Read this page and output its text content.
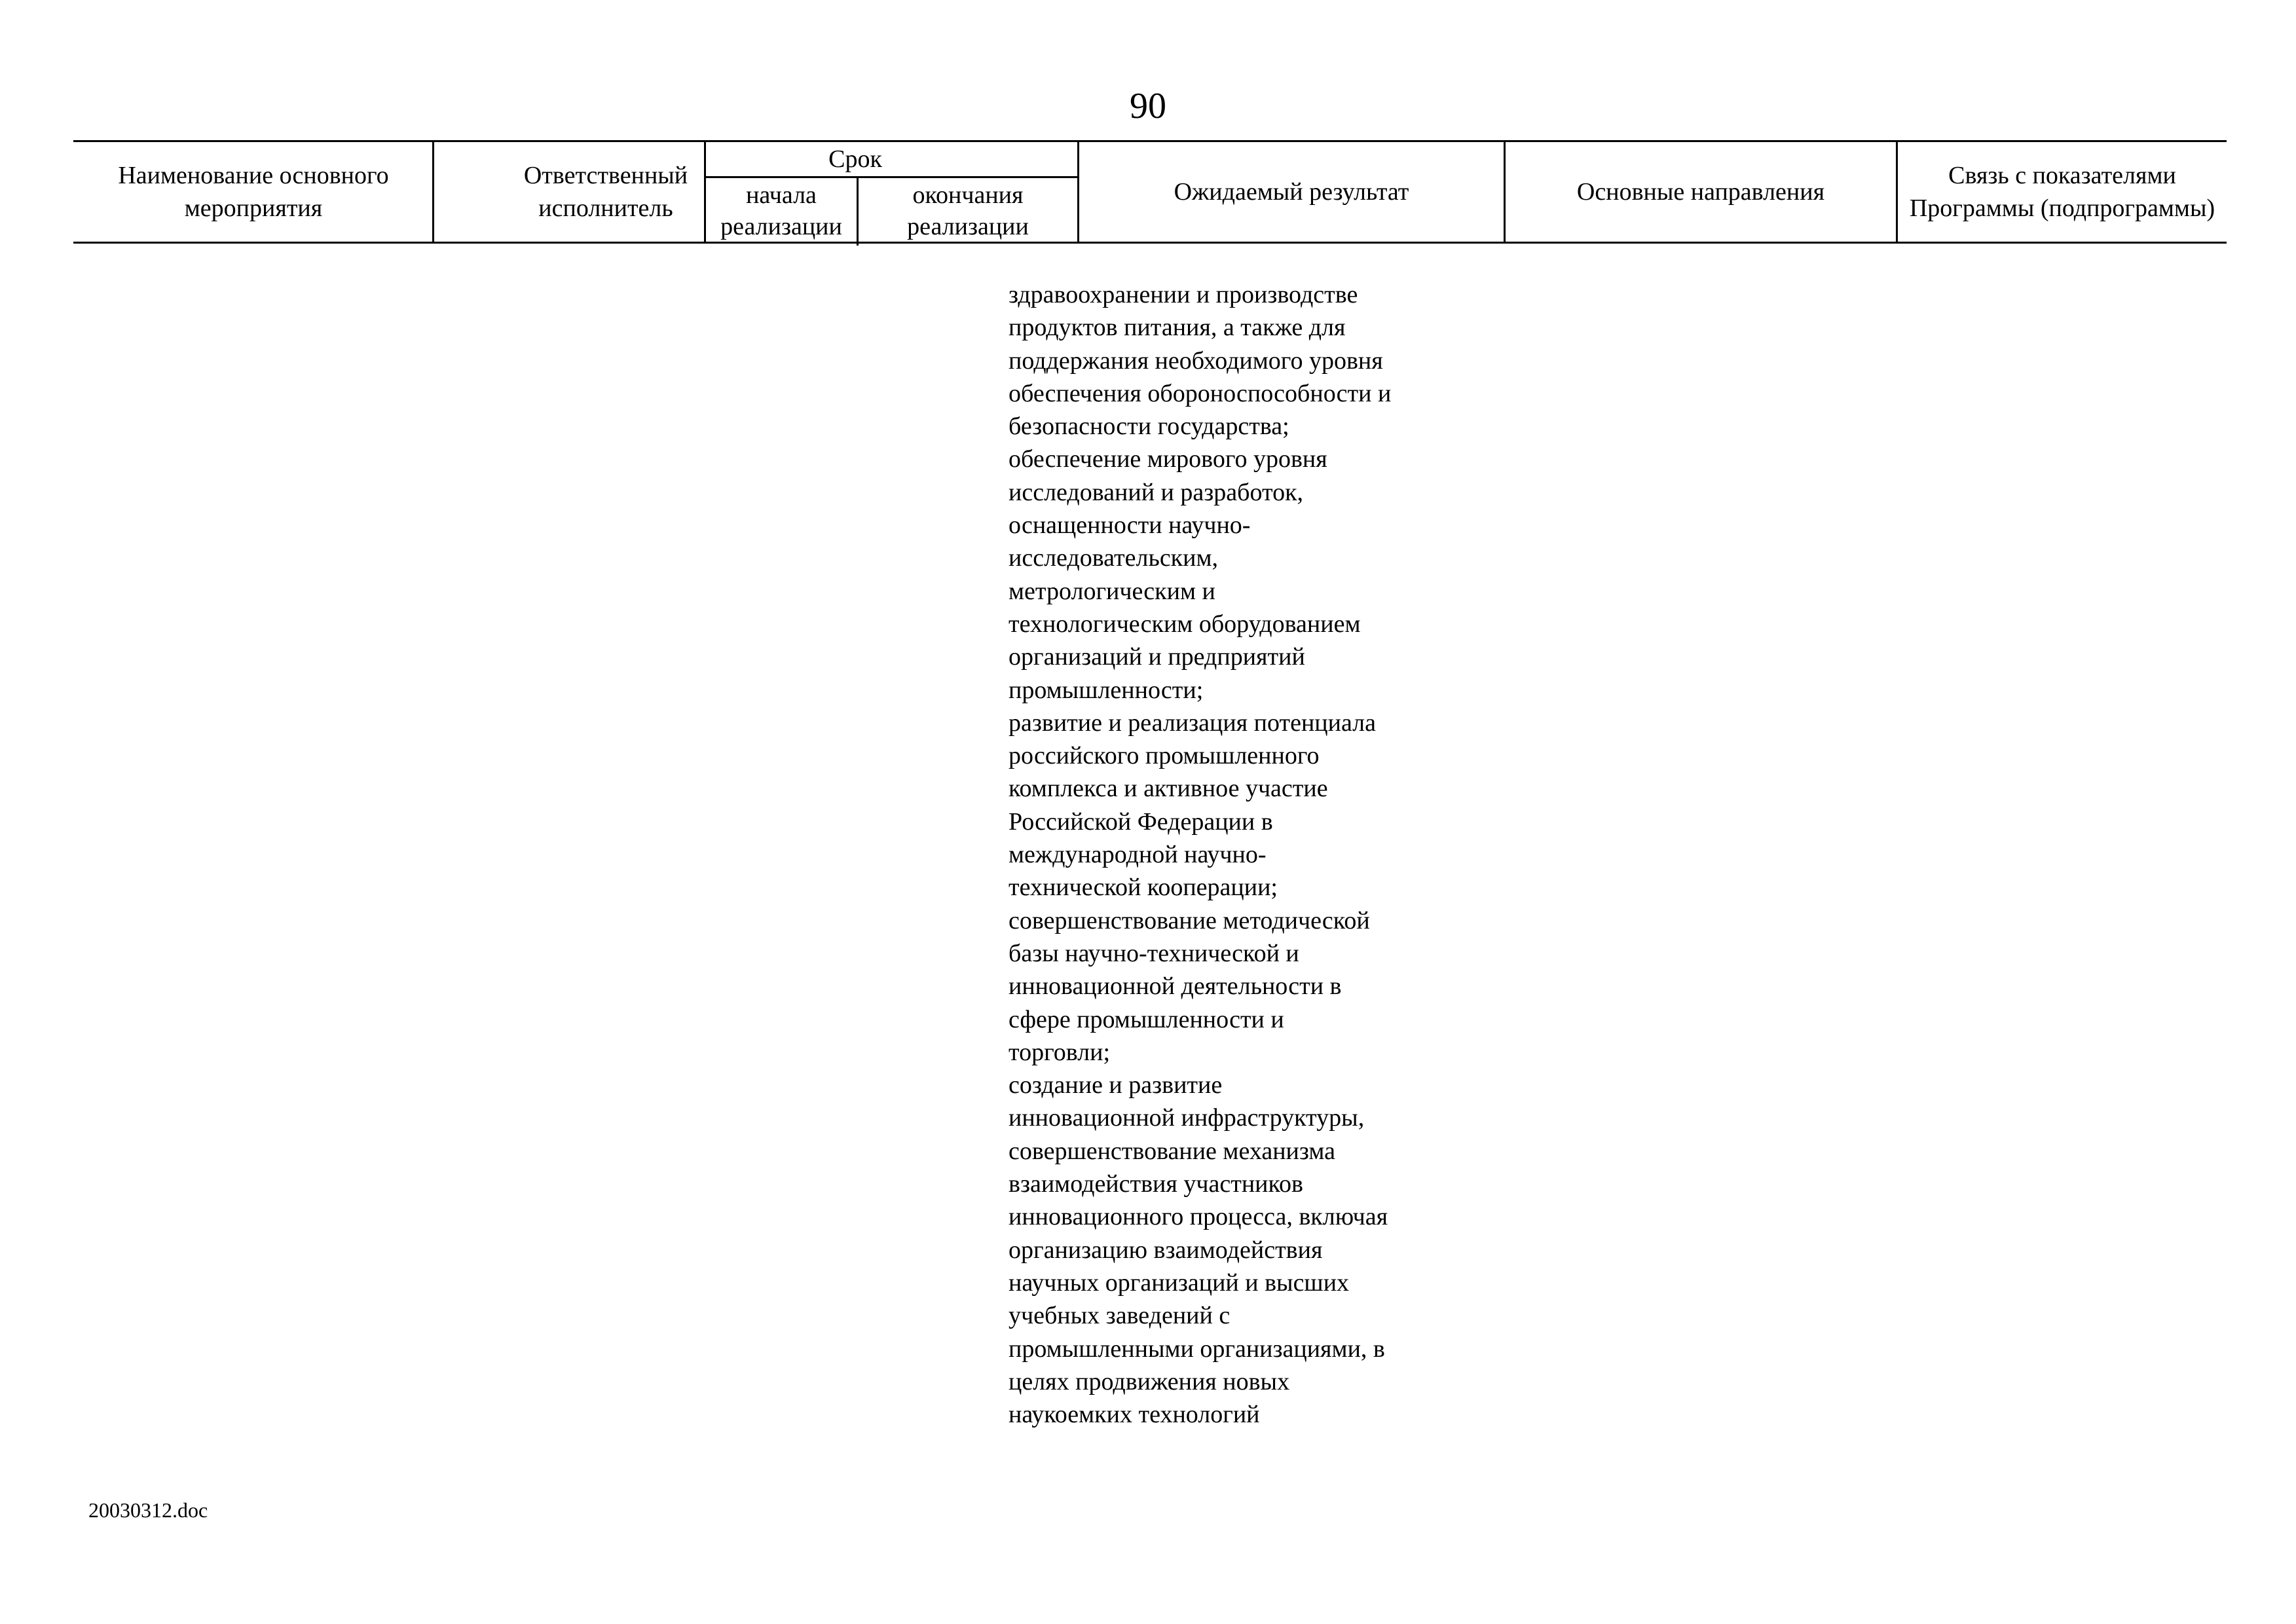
90
Наименование основного
мероприятия
Ответственный
исполнитель
Срок
начала
реализации
окончания
реализации
Ожидаемый результат	Основные направления
Связь с показателями
Программы (подпрограммы)
здравоохранении и производстве
продуктов питания, а также для
поддержания необходимого уровня
обеспечения обороноспособности и
безопасности государства;
обеспечение мирового уровня
исследований и разработок,
оснащенности научно-
исследовательским,
метрологическим и
технологическим оборудованием
организаций и предприятий
промышленности;
развитие и реализация потенциала
российского промышленного
комплекса и активное участие
Российской Федерации в
международной научно-
технической кооперации;
совершенствование методической
базы научно-технической и
инновационной деятельности в
сфере промышленности и
торговли;
создание и развитие
инновационной инфраструктуры,
совершенствование механизма
взаимодействия участников
инновационного процесса, включая
организацию взаимодействия
научных организаций и высших
учебных заведений с
промышленными организациями, в
целях продвижения новых
наукоемких технологий
20030312.doc
